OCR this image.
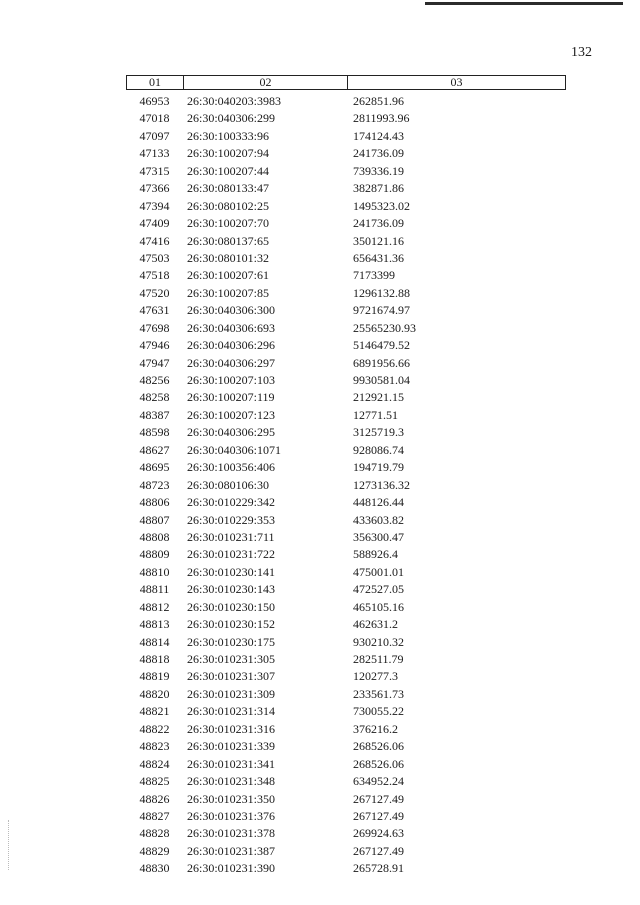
132
01	02	03
46953	26:30:040203:3983	262851.96
47018	26:30:040306:299	2811993.96
47097	26:30:100333:96	174124.43
47133	26:30:100207:94	241736.09
47315	26:30:100207:44	739336.19
47366	26:30:080133:47	382871.86
47394	26:30:080102:25	1495323.02
47409	26:30:100207:70	241736.09
47416	26:30:080137:65	350121.16
47503	26:30:080101:32	656431.36
47518	26:30:100207:61	7173399
47520	26:30:100207:85	1296132.88
47631	26:30:040306:300	9721674.97
47698	26:30:040306:693	25565230.93
47946	26:30:040306:296	5146479.52
47947	26:30:040306:297	6891956.66
48256	26:30:100207:103	9930581.04
48258	26:30:100207:119	212921.15
48387	26:30:100207:123	12771.51
48598	26:30:040306:295	3125719.3
48627	26:30:040306:1071	928086.74
48695	26:30:100356:406	194719.79
48723	26:30:080106:30	1273136.32
48806	26:30:010229:342	448126.44
48807	26:30:010229:353	433603.82
48808	26:30:010231:711	356300.47
48809	26:30:010231:722	588926.4
48810	26:30:010230:141	475001.01
48811	26:30:010230:143	472527.05
48812	26:30:010230:150	465105.16
48813	26:30:010230:152	462631.2
48814	26:30:010230:175	930210.32
48818	26:30:010231:305	282511.79
48819	26:30:010231:307	120277.3
48820	26:30:010231:309	233561.73
48821	26:30:010231:314	730055.22
48822	26:30:010231:316	376216.2
48823	26:30:010231:339	268526.06
48824	26:30:010231:341	268526.06
48825	26:30:010231:348	634952.24
48826	26:30:010231:350	267127.49
48827	26:30:010231:376	267127.49
48828	26:30:010231:378	269924.63
48829	26:30:010231:387	267127.49
48830	26:30:010231:390	265728.91
